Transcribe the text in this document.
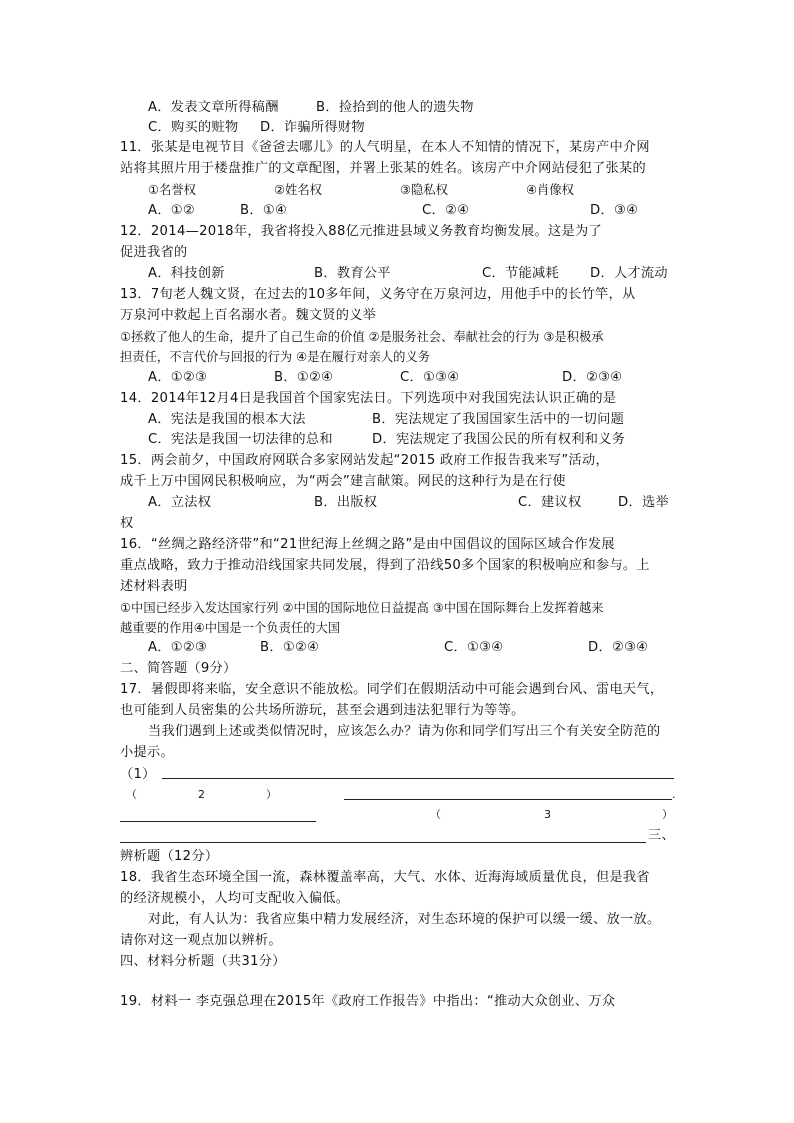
A．发表文章所得稿酬	B．捡拾到的他人的遗失物
C．购买的赃物 D．诈骗所得财物
11．张某是电视节目《爸爸去哪儿》的人气明星，在本人不知情的情况下，某房产中介网
站将其照片用于楼盘推广的文章配图，并署上张某的姓名。该房产中介网站侵犯了张某的
①名誉权	②姓名权	③隐私权	④肖像权
A．①②	B．①④	C．②④	D．③④
12．2014—2018年，我省将投入88亿元推进县域义务教育均衡发展。这是为了
促进我省的
A．科技创新	B．教育公平	C．节能减耗 D．人才流动
13．7旬老人魏文贤，在过去的10多年间，义务守在万泉河边，用他手中的长竹竿，从
万泉河中救起上百名溺水者。魏文贤的义举
①拯救了他人的生命，提升了自己生命的价值 ②是服务社会、奉献社会的行为 ③是积极承
担责任，不言代价与回报的行为 ④是在履行对亲人的义务
A．①②③	B．①②④	C．①③④	D．②③④
14．2014年12月4日是我国首个国家宪法日。下列选项中对我国宪法认识正确的是
A．宪法是我国的根本大法	B．宪法规定了我国国家生活中的一切问题
C．宪法是我国一切法律的总和	D．宪法规定了我国公民的所有权利和义务
15．两会前夕，中国政府网联合多家网站发起“2015 政府工作报告我来写”活动，
成千上万中国网民积极响应，为“两会”建言献策。网民的这种行为是在行使
A．立法权	B．出版权	C．建议权	D．选举
权
16．“丝绸之路经济带”和“21世纪海上丝绸之路”是由中国倡议的国际区域合作发展
重点战略，致力于推动沿线国家共同发展，得到了沿线50多个国家的积极响应和参与。上
述材料表明
①中国已经步入发达国家行列 ②中国的国际地位日益提高 ③中国在国际舞台上发挥着越来
越重要的作用④中国是一个负责任的大国
A．①②③	B．①②④	C．①③④	D．②③④
二、简答题（9分）
17．暑假即将来临，安全意识不能放松。同学们在假期活动中可能会遇到台风、雷电天气，
也可能到人员密集的公共场所游玩，甚至会遇到违法犯罪行为等等。
当我们遇到上述或类似情况时，应该怎么办？请为你和同学们写出三个有关安全防范的
小提示。
（1）
（	2	）	.
（	3	）
三、
辨析题（12分）
18．我省生态环境全国一流，森林覆盖率高，大气、水体、近海海域质量优良，但是我省
的经济规模小，人均可支配收入偏低。
对此，有人认为：我省应集中精力发展经济，对生态环境的保护可以缓一缓、放一放。
请你对这一观点加以辨析。
四、材料分析题（共31分）
19．材料一 李克强总理在2015年《政府工作报告》中指出：“推动大众创业、万众
